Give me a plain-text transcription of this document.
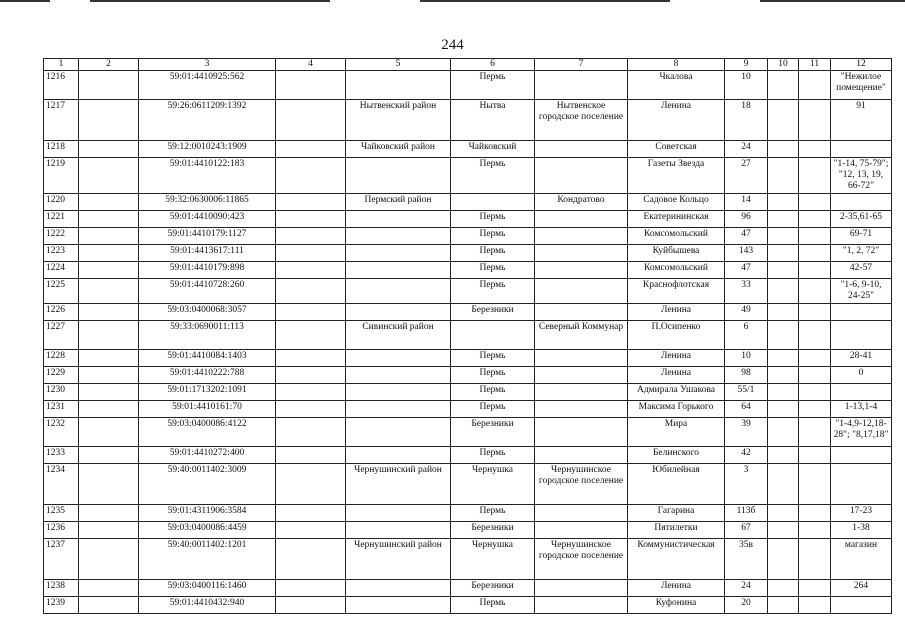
244
1	2	3	4	5	6	7	8	9	10	11	12
1216		59:01:4410925:562			Пермь		Чкалова	10			"Нежилое помещение"
1217		59:26:0611209:1392		Нытвенский район	Нытва	Нытвенское городское поселение	Ленина	18			91
1218		59:12:0010243:1909		Чайковский район	Чайковский		Советская	24			
1219		59:01:4410122:183			Пермь		Газеты Звезда	27			"1-14, 75-79"; "12, 13, 19, 66-72"
1220		59:32:0630006:11865		Пермский район		Кондратово	Садовое Кольцо	14			
1221		59:01:4410090:423			Пермь		Екатерининская	96			2-35,61-65
1222		59:01:4410179:1127			Пермь		Комсомольский	47			69-71
1223		59:01:4413617:111			Пермь		Куйбышева	143			"1, 2, 72"
1224		59:01:4410179:898			Пермь		Комсомольский	47			42-57
1225		59:01:4410728:260			Пермь		Краснофлотская	33			"1-6, 9-10, 24-25"
1226		59:03:0400068:3057			Березники		Ленина	49			
1227		59:33:0690011:113		Сивинский район		Северный Коммунар	П.Осипенко	6			
1228		59:01:4410084:1403			Пермь		Ленина	10			28-41
1229		59:01:4410222:788			Пермь		Ленина	98			0
1230		59:01:1713202:1091			Пермь		Адмирала Ушакова	55/1			
1231		59:01:4410161:70			Пермь		Максима Горького	64			1-13,1-4
1232		59:03:0400086:4122			Березники		Мира	39			"1-4,9-12,18-28"; "8,17,18"
1233		59:01:4410272:400			Пермь		Белинского	42			
1234		59:40:0011402:3009		Чернушинский район	Чернушка	Чернушинское городское поселение	Юбилейная	3			
1235		59:01:4311906:3584			Пермь		Гагарина	113б			17-23
1236		59:03:0400086:4459			Березники		Пятилетки	67			1-38
1237		59:40:0011402:1201		Чернушинский район	Чернушка	Чернушинское городское поселение	Коммунистическая	35в			магазин
1238		59:03:0400116:1460			Березники		Ленина	24			264
1239		59:01:4410432:940			Пермь		Куфонина	20			
